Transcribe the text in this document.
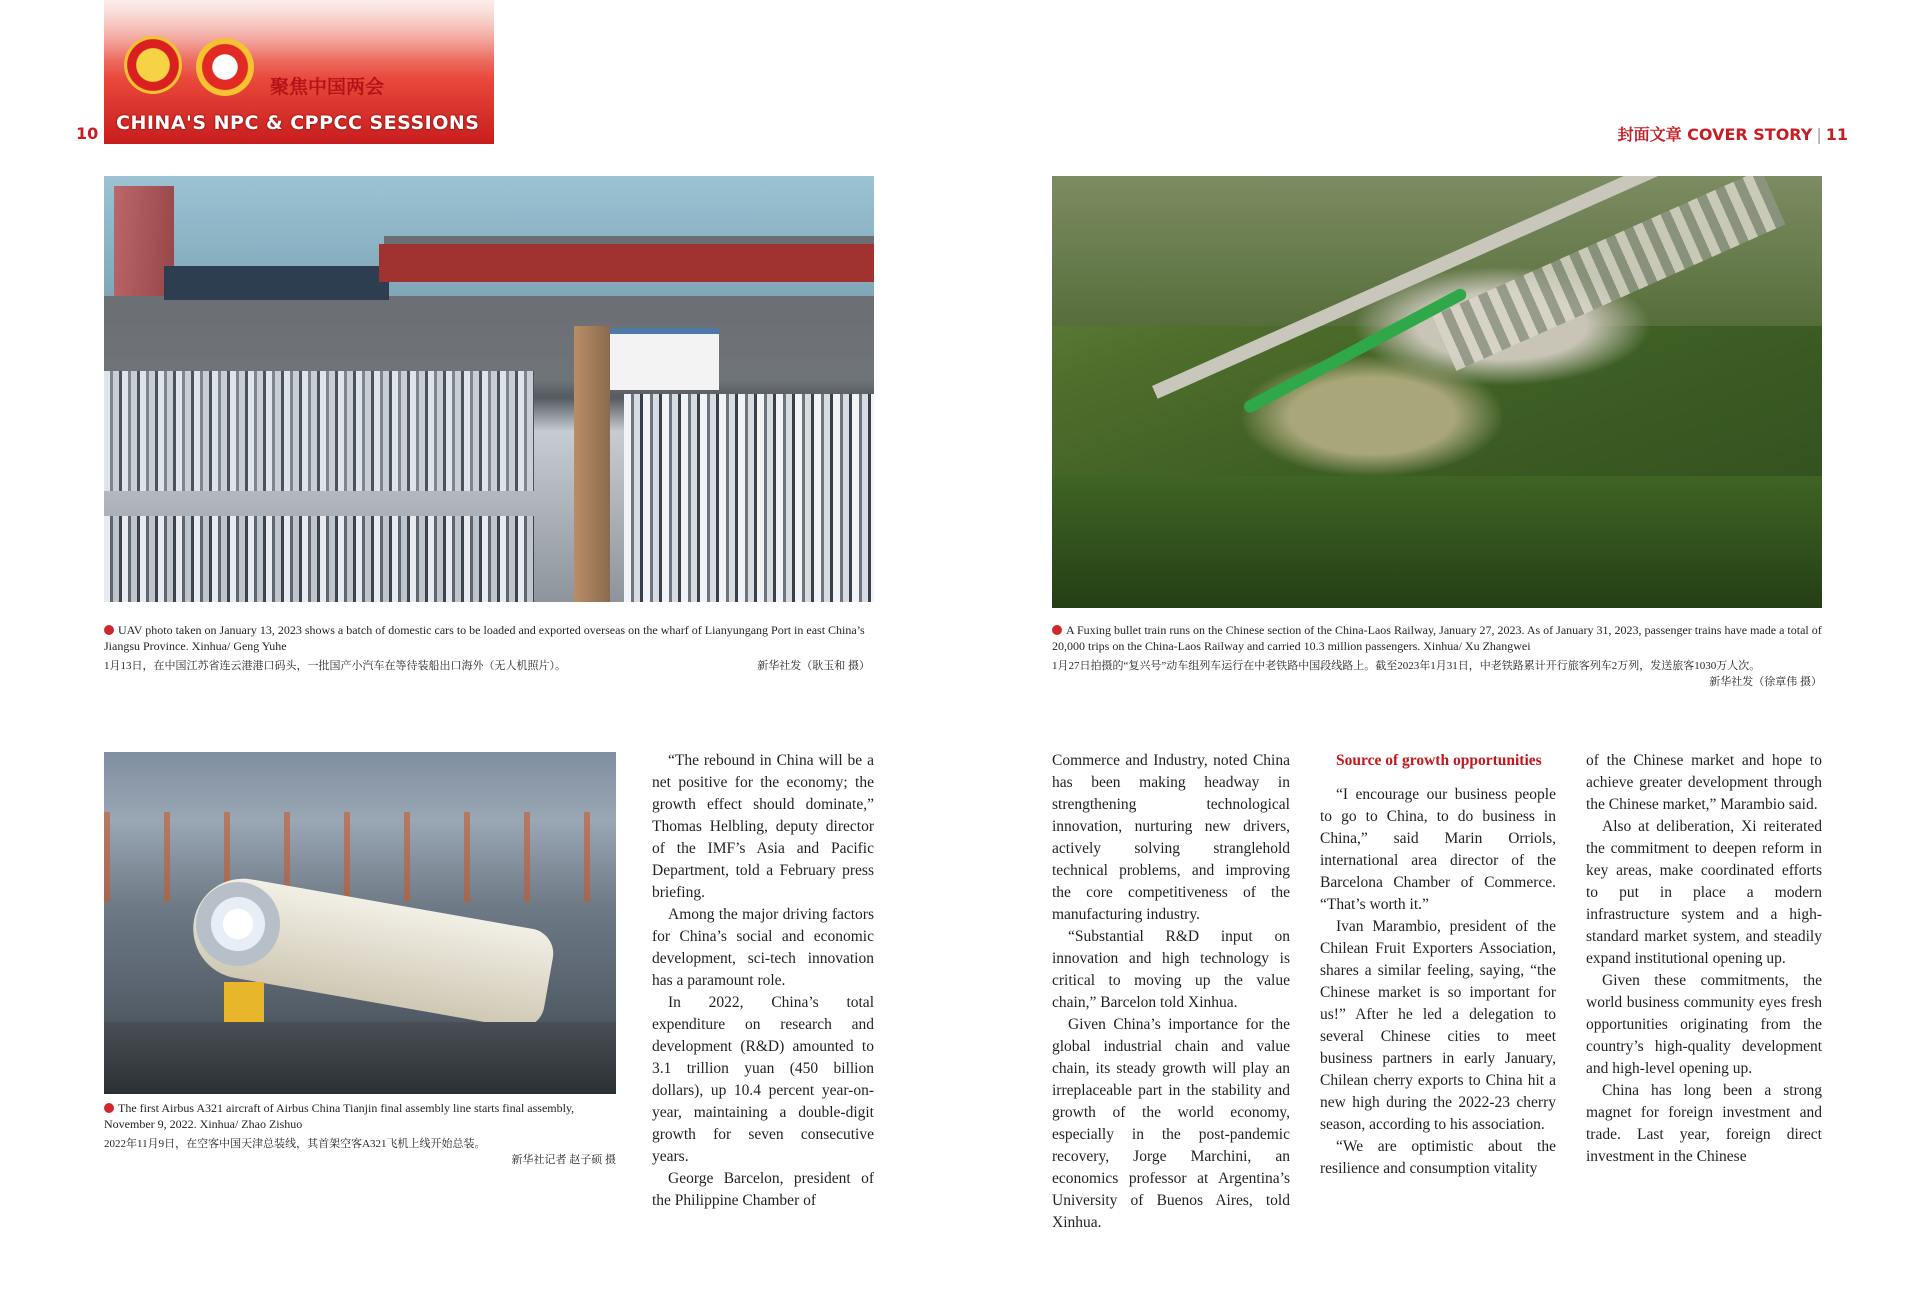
聚焦中国两会
CHINA'S NPC & CPPCC SESSIONS
10	封面文章 COVER STORY | 11
UAV photo taken on January 13, 2023 shows a batch of domestic cars to be loaded and exported overseas on the wharf of Lianyungang Port in east China’s Jiangsu Province. Xinhua/ Geng Yuhe
1月13日，在中国江苏省连云港港口码头，一批国产小汽车在等待装船出口海外（无人机照片）。	新华社发（耿玉和 摄）
A Fuxing bullet train runs on the Chinese section of the China-Laos Railway, January 27, 2023. As of January 31, 2023, passenger trains have made a total of 20,000 trips on the China-Laos Railway and carried 10.3 million passengers. Xinhua/ Xu Zhangwei
1月27日拍摄的“复兴号”动车组列车运行在中老铁路中国段线路上。截至2023年1月31日，中老铁路累计开行旅客列车2万列，发送旅客1030万人次。
新华社发（徐章伟 摄）
The first Airbus A321 aircraft of Airbus China Tianjin final assembly line starts final assembly, November 9, 2022. Xinhua/ Zhao Zishuo
2022年11月9日，在空客中国天津总装线，其首架空客A321飞机上线开始总装。
新华社记者 赵子硕 摄

“The rebound in China will be a net positive for the economy; the growth effect should dominate,” Thomas Helbling, deputy director of the IMF’s Asia and Pacific Department, told a February press briefing.

Among the major driving factors for China’s social and economic development, sci-tech innovation has a paramount role.

In 2022, China’s total expenditure on research and development (R&D) amounted to 3.1 trillion yuan (450 billion dollars), up 10.4 percent year-on-year, maintaining a double-digit growth for seven consecutive years.

George Barcelon, president of the Philippine Chamber of

Commerce and Industry, noted China has been making headway in strengthening technological innovation, nurturing new drivers, actively solving stranglehold technical problems, and improving the core competitiveness of the manufacturing industry.

“Substantial R&D input on innovation and high technology is critical to moving up the value chain,” Barcelon told Xinhua.

Given China’s importance for the global industrial chain and value chain, its steady growth will play an irreplaceable part in the stability and growth of the world economy, especially in the post-pandemic recovery, Jorge Marchini, an economics professor at Argentina’s University of Buenos Aires, told Xinhua.

Source of growth opportunities

“I encourage our business people to go to China, to do business in China,” said Marin Orriols, international area director of the Barcelona Chamber of Commerce. “That’s worth it.”

Ivan Marambio, president of the Chilean Fruit Exporters Association, shares a similar feeling, saying, “the Chinese market is so important for us!” After he led a delegation to several Chinese cities to meet business partners in early January, Chilean cherry exports to China hit a new high during the 2022-23 cherry season, according to his association.

“We are optimistic about the resilience and consumption vitality

of the Chinese market and hope to achieve greater development through the Chinese market,” Marambio said.

Also at deliberation, Xi reiterated the commitment to deepen reform in key areas, make coordinated efforts to put in place a modern infrastructure system and a high-standard market system, and steadily expand institutional opening up.

Given these commitments, the world business community eyes fresh opportunities originating from the country’s high-quality development and high-level opening up.

China has long been a strong magnet for foreign investment and trade. Last year, foreign direct investment in the Chinese
